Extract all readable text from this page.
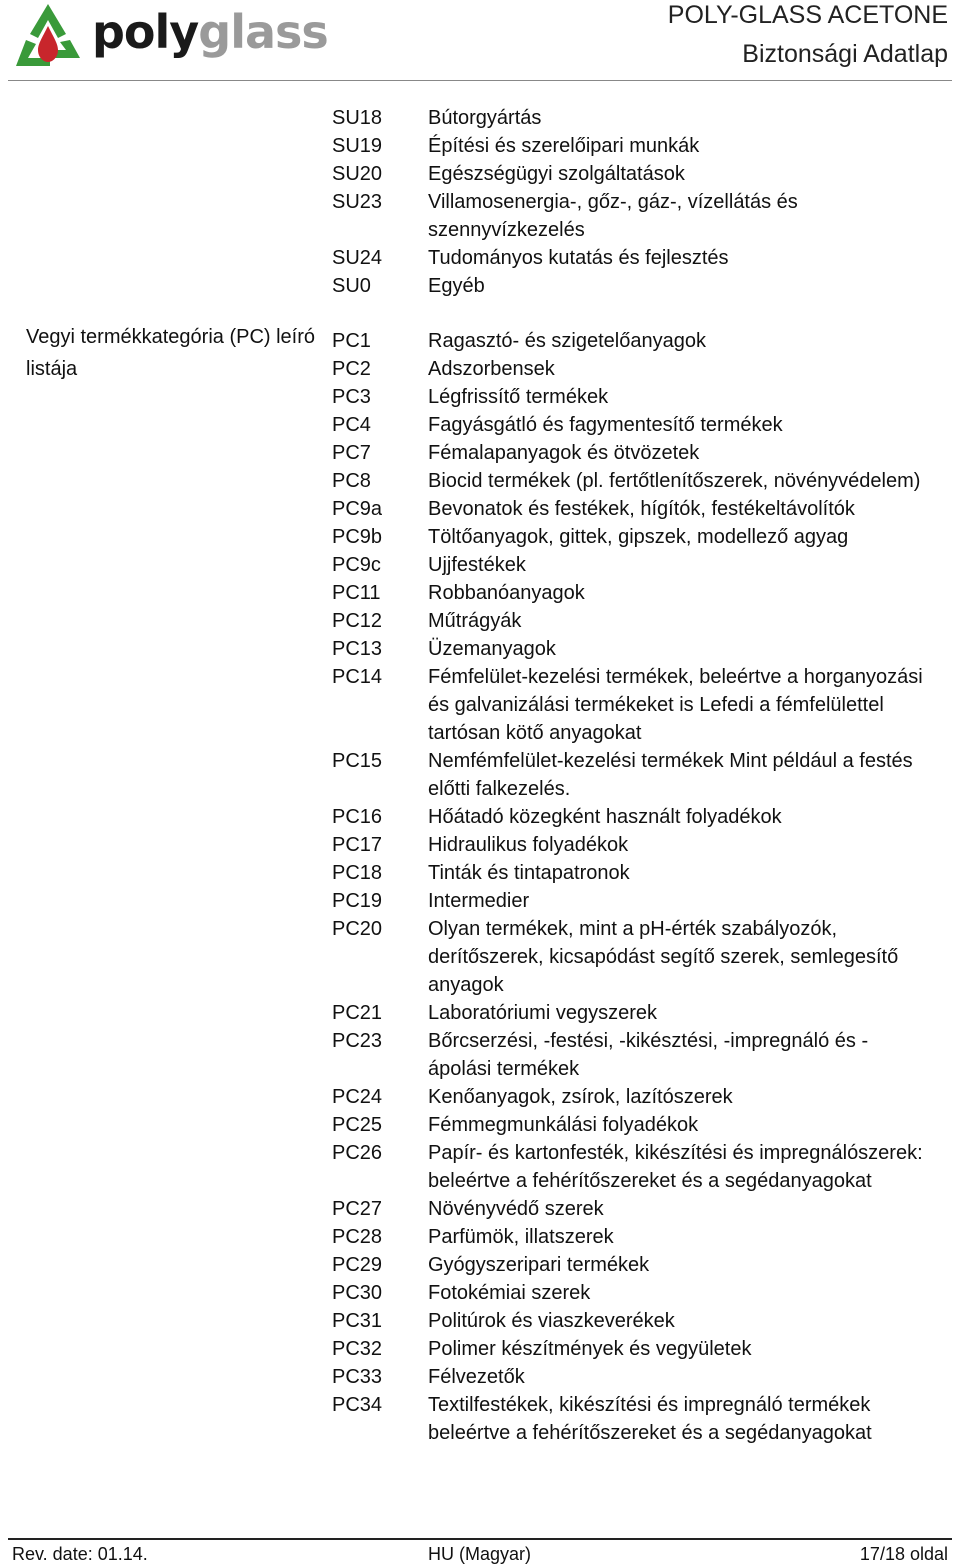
polyglass	POLY-GLASS ACETONE
Biztonsági Adatlap
SU18	Bútorgyártás
SU19	Építési és szerelőipari munkák
SU20	Egészségügyi szolgáltatások
SU23	Villamosenergia-, gőz-, gáz-, vízellátás és szennyvízkezelés
SU24	Tudományos kutatás és fejlesztés
SU0	Egyéb
Vegyi termékkategória (PC) leíró listája
PC1	Ragasztó- és szigetelőanyagok
PC2	Adszorbensek
PC3	Légfrissítő termékek
PC4	Fagyásgátló és fagymentesítő termékek
PC7	Fémalapanyagok és ötvözetek
PC8	Biocid termékek (pl. fertőtlenítőszerek, növényvédelem)
PC9a	Bevonatok és festékek, hígítók, festékeltávolítók
PC9b	Töltőanyagok, gittek, gipszek, modellező agyag
PC9c	Ujjfestékek
PC11	Robbanóanyagok
PC12	Műtrágyák
PC13	Üzemanyagok
PC14	Fémfelület-kezelési termékek, beleértve a horganyozási és galvanizálási termékeket is Lefedi a fémfelülettel tartósan kötő anyagokat
PC15	Nemfémfelület-kezelési termékek Mint például a festés előtti falkezelés.
PC16	Hőátadó közegként használt folyadékok
PC17	Hidraulikus folyadékok
PC18	Tinták és tintapatronok
PC19	Intermedier
PC20	Olyan termékek, mint a pH-érték szabályozók, derítőszerek, kicsapódást segítő szerek, semlegesítő anyagok
PC21	Laboratóriumi vegyszerek
PC23	Bőrcserzési, -festési, -kikésztési, -impregnáló és - ápolási termékek
PC24	Kenőanyagok, zsírok, lazítószerek
PC25	Fémmegmunkálási folyadékok
PC26	Papír- és kartonfesték, kikészítési és impregnálószerek: beleértve a fehérítőszereket és a segédanyagokat
PC27	Növényvédő szerek
PC28	Parfümök, illatszerek
PC29	Gyógyszeripari termékek
PC30	Fotokémiai szerek
PC31	Politúrok és viaszkeverékek
PC32	Polimer készítmények és vegyületek
PC33	Félvezetők
PC34	Textilfestékek, kikészítési és impregnáló termékek beleértve a fehérítőszereket és a segédanyagokat
Rev. date: 01.14.	HU (Magyar)	17/18 oldal
